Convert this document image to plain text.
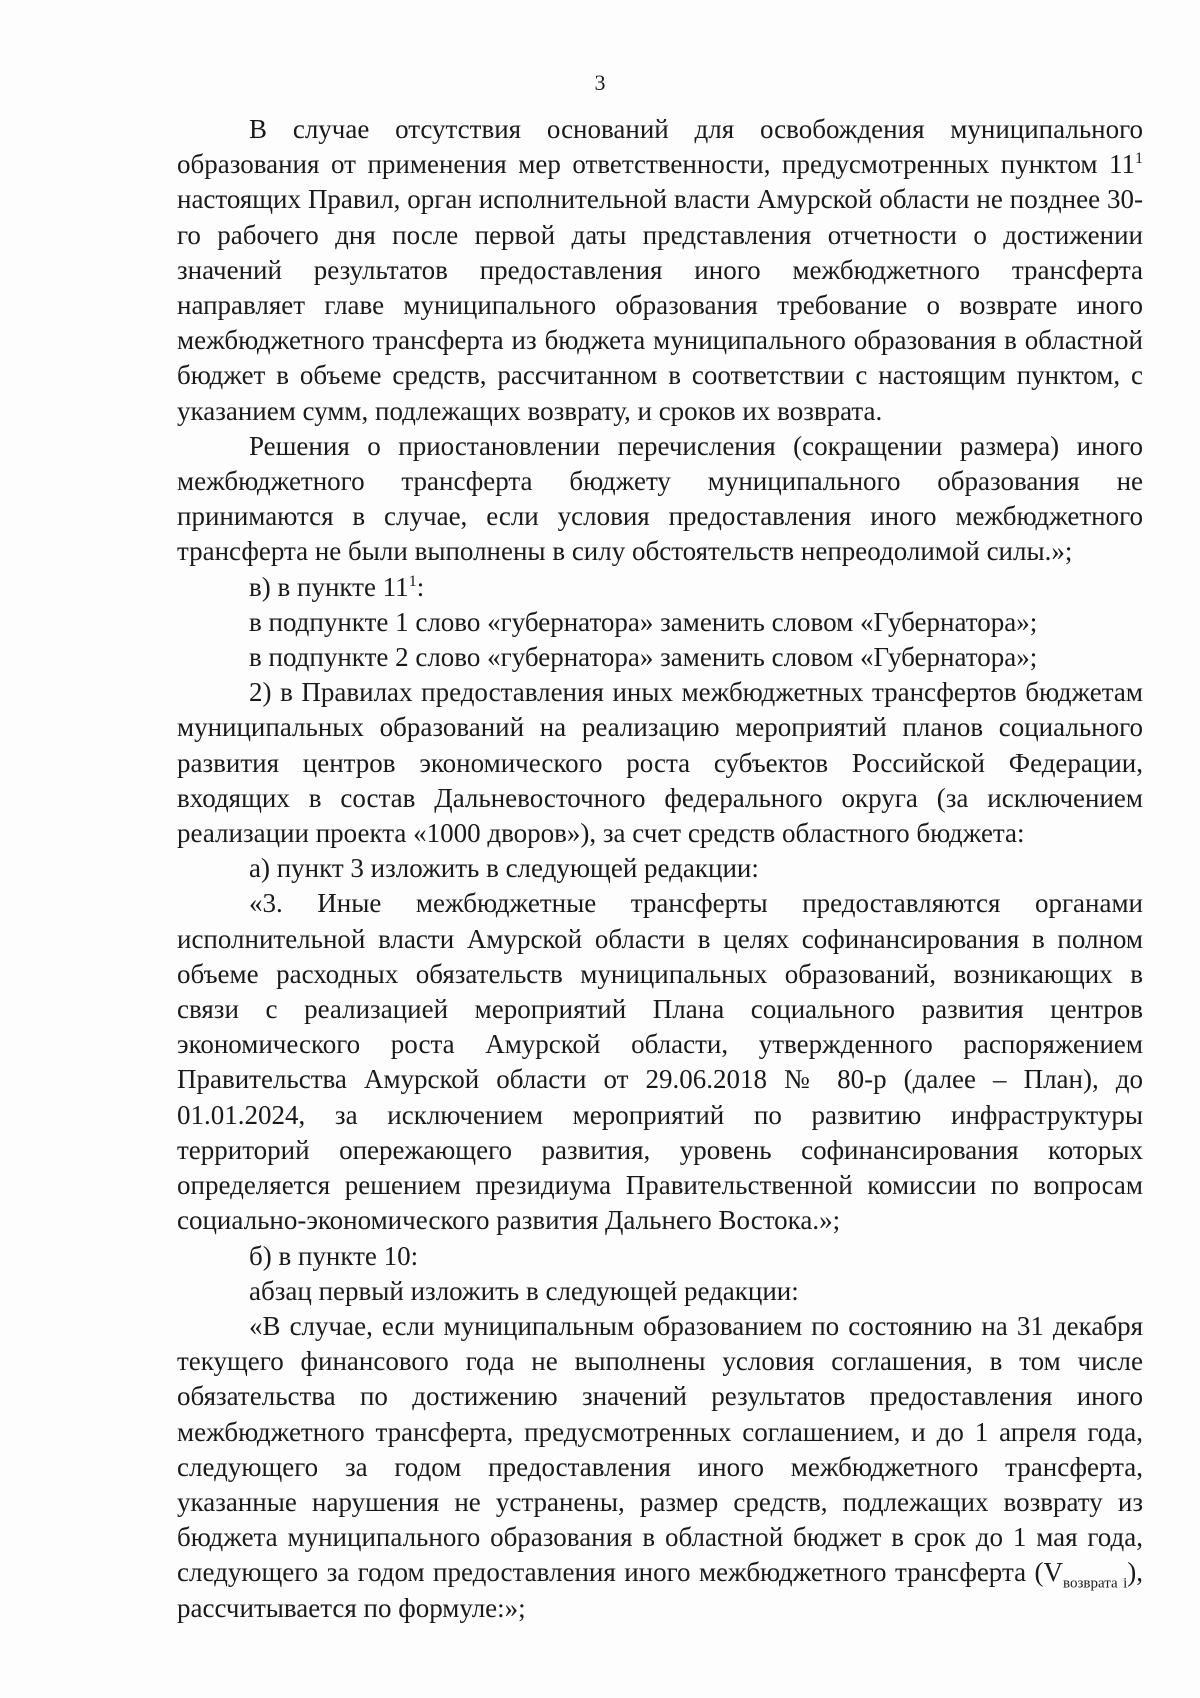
3

В случае отсутствия оснований для освобождения муниципального образования от применения мер ответственности, предусмотренных пунктом $11^1$ настоящих Правил, орган исполнительной власти Амурской области не позднее 30-го рабочего дня после первой даты представления отчетности о достижении значений результатов предоставления иного межбюджетного трансферта направляет главе муниципального образования требование о возврате иного межбюджетного трансферта из бюджета муниципального образования в областной бюджет в объеме средств, рассчитанном в соответствии с настоящим пунктом, с указанием сумм, подлежащих возврату, и сроков их возврата.

Решения о приостановлении перечисления (сокращении размера) иного межбюджетного трансферта бюджету муниципального образования не принимаются в случае, если условия предоставления иного межбюджетного трансферта не были выполнены в силу обстоятельств непреодолимой силы.»;

в) в пункте $11^1$:

в подпункте 1 слово «губернатора» заменить словом «Губернатора»;

в подпункте 2 слово «губернатора» заменить словом «Губернатора»;

2) в Правилах предоставления иных межбюджетных трансфертов бюджетам муниципальных образований на реализацию мероприятий планов социального развития центров экономического роста субъектов Российской Федерации, входящих в состав Дальневосточного федерального округа (за исключением реализации проекта «1000 дворов»), за счет средств областного бюджета:

а) пункт 3 изложить в следующей редакции:

«3. Иные межбюджетные трансферты предоставляются органами исполнительной власти Амурской области в целях софинансирования в полном объеме расходных обязательств муниципальных образований, возникающих в связи с реализацией мероприятий Плана социального развития центров экономического роста Амурской области, утвержденного распоряжением Правительства Амурской области от 29.06.2018 № 80-р (далее – План), до 01.01.2024, за исключением мероприятий по развитию инфраструктуры территорий опережающего развития, уровень софинансирования которых определяется решением президиума Правительственной комиссии по вопросам социально-экономического развития Дальнего Востока.»;

б) в пункте 10:

абзац первый изложить в следующей редакции:

«В случае, если муниципальным образованием по состоянию на 31 декабря текущего финансового года не выполнены условия соглашения, в том числе обязательства по достижению значений результатов предоставления иного межбюджетного трансферта, предусмотренных соглашением, и до 1 апреля года, следующего за годом предоставления иного межбюджетного трансферта, указанные нарушения не устранены, размер средств, подлежащих возврату из бюджета муниципального образования в областной бюджет в срок до 1 мая года, следующего за годом предоставления иного межбюджетного трансферта $(V_{возврата i})$, рассчитывается по формуле:»;
